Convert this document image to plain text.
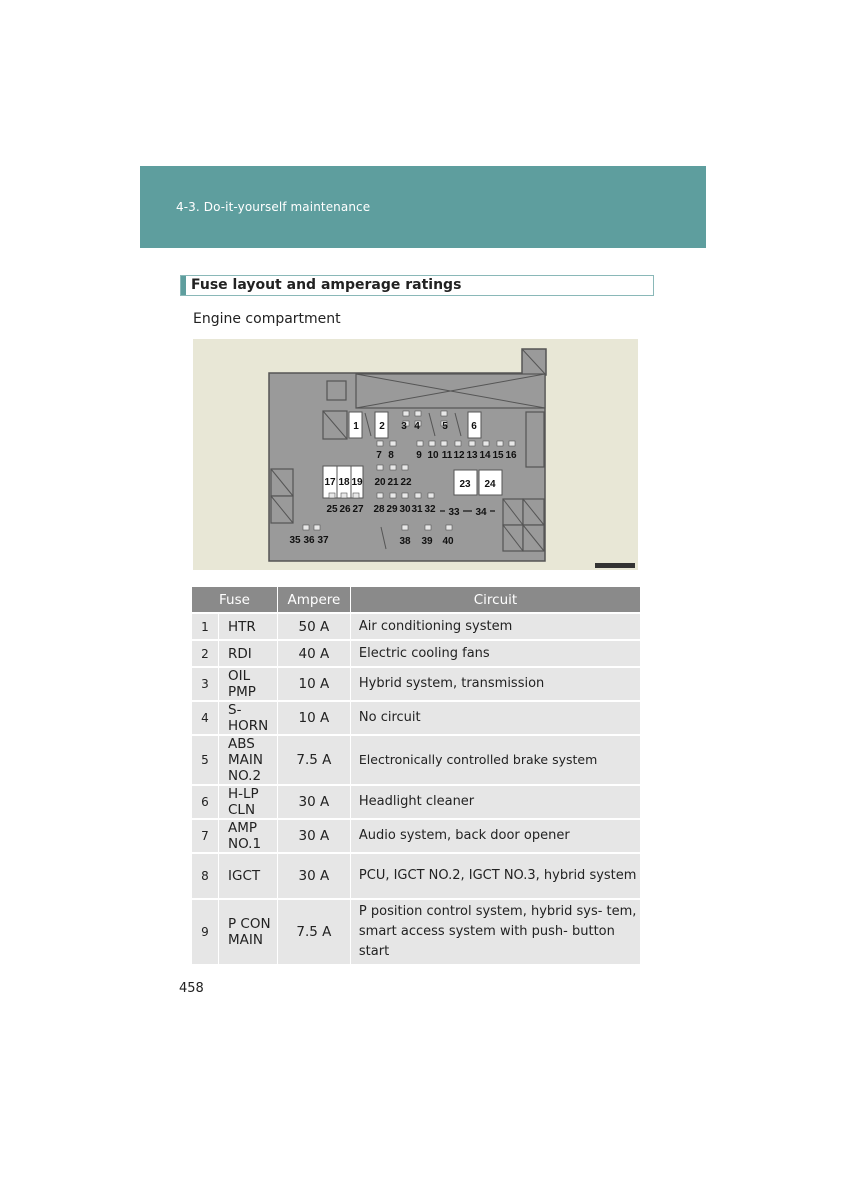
4-3. Do-it-yourself maintenance
Fuse layout and amperage ratings
Engine compartment
1 2 3 4 5 6
7 8 9 10 11 12 13 14 15 16
17 18 19 20 21 22	23 24
25 26 27 28 29 30 31 32 33 34
35 36 37	38 39 40
Fuse		Ampere	Circuit
1	HTR	50 A	Air conditioning system
2	RDI	40 A	Electric cooling fans
3	OIL PMP	10 A	Hybrid system, transmission
4	S-HORN	10 A	No circuit
5	ABS MAIN NO.2	7.5 A	Electronically controlled brake system
6	H-LP CLN	30 A	Headlight cleaner
7	AMP NO.1	30 A	Audio system, back door opener
8	IGCT	30 A	PCU, IGCT NO.2, IGCT NO.3, hybrid system
9	P CON MAIN	7.5 A	P position control system, hybrid sys- tem, smart access system with push- button start
458
